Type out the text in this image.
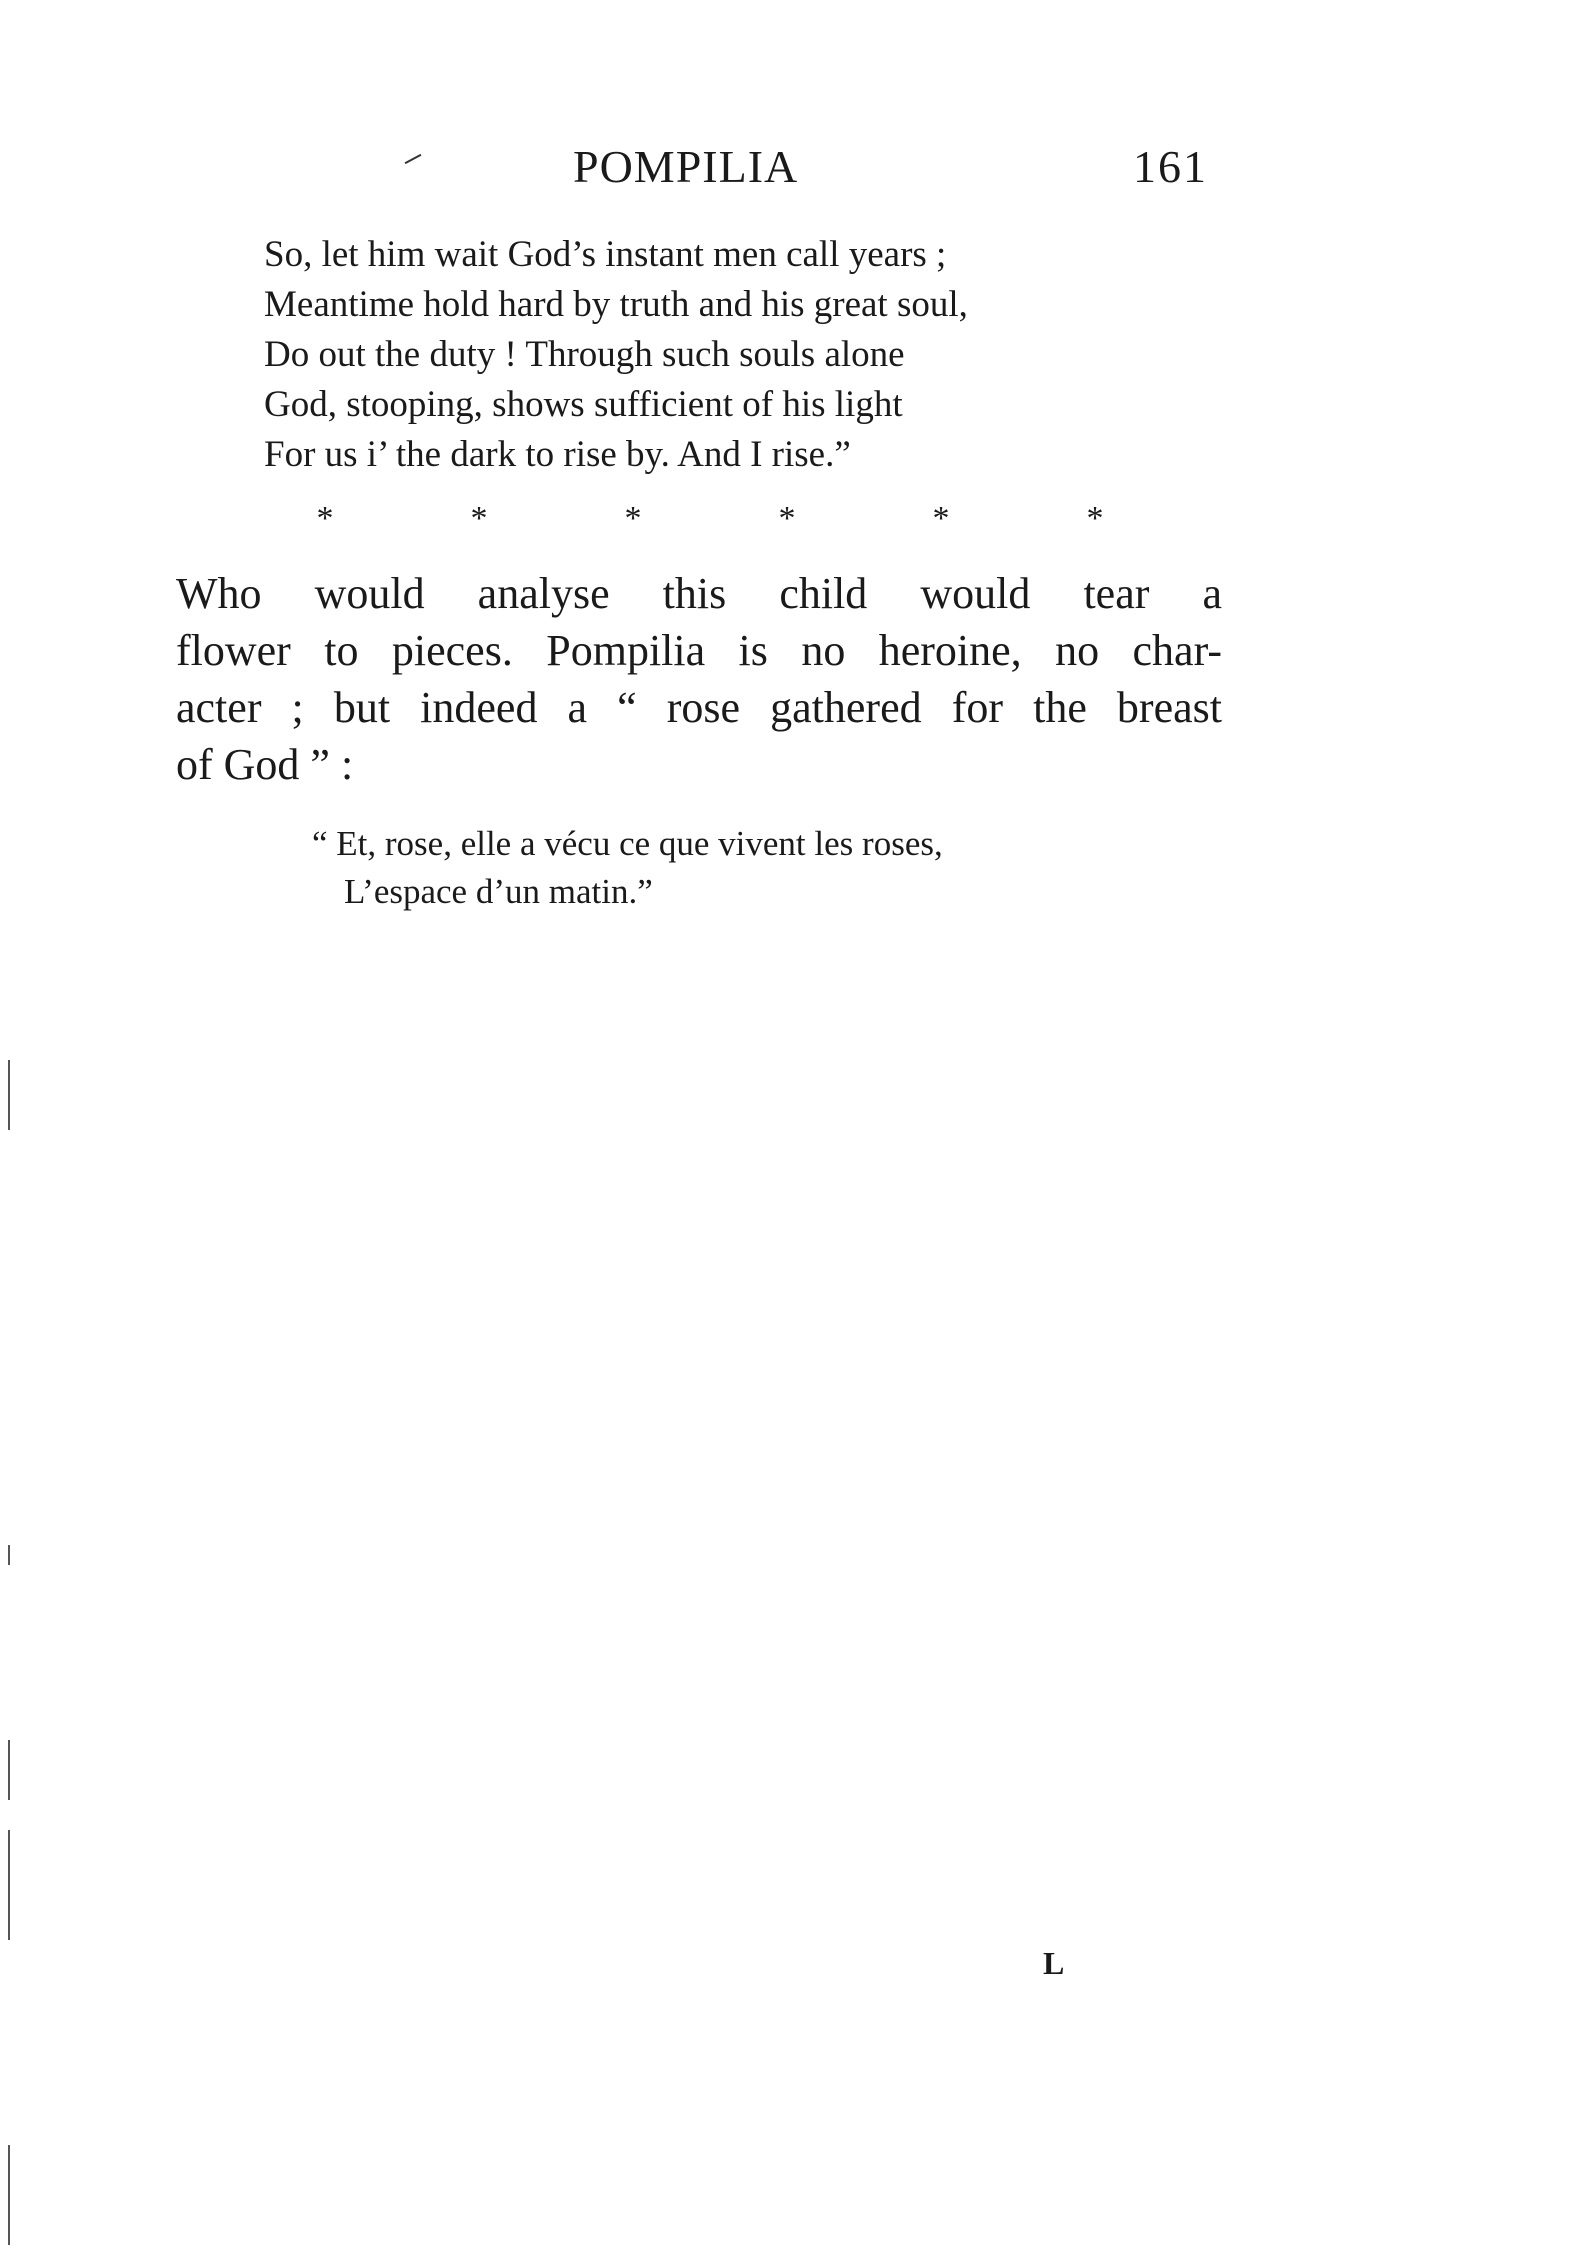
POMPILIA	161
So, let him wait God’s instant men call years ;
Meantime hold hard by truth and his great soul,
Do out the duty ! Through such souls alone
God, stooping, shows sufficient of his light
For us i’ the dark to rise by. And I rise.”
*	*	*	*	*	*
Who would analyse this child would tear a
flower to pieces. Pompilia is no heroine, no char-
acter ; but indeed a “ rose gathered for the breast
of God ” :
“ Et, rose, elle a vécu ce que vivent les roses,
L’espace d’un matin.”
L
